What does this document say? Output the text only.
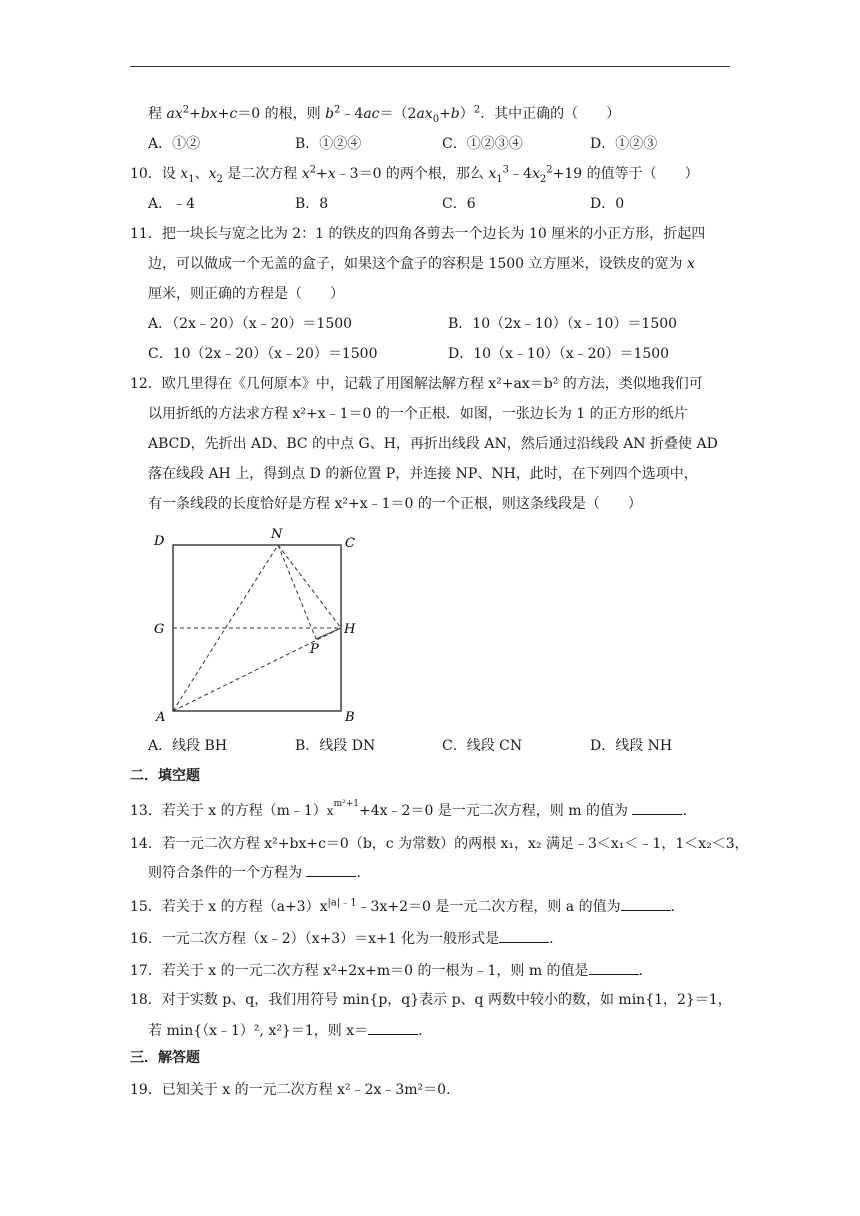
程 $ax^2+bx+c=0$ 的根，则 $b^2﹣4ac=(2ax_0+b)^2$．其中正确的（　　）
A．①②	B．①②④	C．①②③④	D．①②③
10．设 $x_1$、$x_2$ 是二次方程 $x^2+x﹣3=0$ 的两个根，那么 $x_1^3﹣4x_2^2+19$ 的值等于（　　）
A．﹣4	B．8	C．6	D．0
11．把一块长与宽之比为 2：1 的铁皮的四角各剪去一个边长为 10 厘米的小正方形，折起四
边，可以做成一个无盖的盒子，如果这个盒子的容积是 1500 立方厘米，设铁皮的宽为 x
厘米，则正确的方程是（　　）
A．（2x﹣20）（x﹣20）＝1500	B．10（2x﹣10）（x﹣10）＝1500
C．10（2x﹣20）（x﹣20）＝1500	D．10（x﹣10）（x﹣20）＝1500
12．欧几里得在《几何原本》中，记载了用图解法解方程 x²+ax＝b² 的方法，类似地我们可
以用折纸的方法求方程 x²+x﹣1＝0 的一个正根．如图，一张边长为 1 的正方形的纸片
ABCD，先折出 AD、BC 的中点 G、H，再折出线段 AN，然后通过沿线段 AN 折叠使 AD
落在线段 AH 上，得到点 D 的新位置 P，并连接 NP、NH，此时，在下列四个选项中，
有一条线段的长度恰好是方程 x²+x﹣1＝0 的一个正根，则这条线段是（　　）
D	N
C
G	H
P
A	B
A．线段 BH	B．线段 DN	C．线段 CN	D．线段 NH
二．填空题
13．若关于 x 的方程$(m﹣1)x^{m^2+1}+4x﹣2=0$ 是一元二次方程，则 m 的值为	.
14．若一元二次方程 x²+bx+c＝0（b，c 为常数）的两根 x₁，x₂ 满足﹣3＜x₁＜﹣1，1＜x₂＜3，
则符合条件的一个方程为	.
15．若关于 x 的方程$(a+3)x^{|a|﹣1}﹣3x+2=0$ 是一元二次方程，则 a 的值为	.
16．一元二次方程（x﹣2）（x+3）＝x+1 化为一般形式是	.
17．若关于 x 的一元二次方程 x²+2x+m＝0 的一根为﹣1，则 m 的值是	.
18．对于实数 p、q，我们用符号 min{p，q}表示 p、q 两数中较小的数，如 min{1，2}＝1，
若 min{（x﹣1）², x²}＝1，则 x＝	.
三．解答题
19．已知关于 x 的一元二次方程 x²﹣2x﹣3m²＝0.
